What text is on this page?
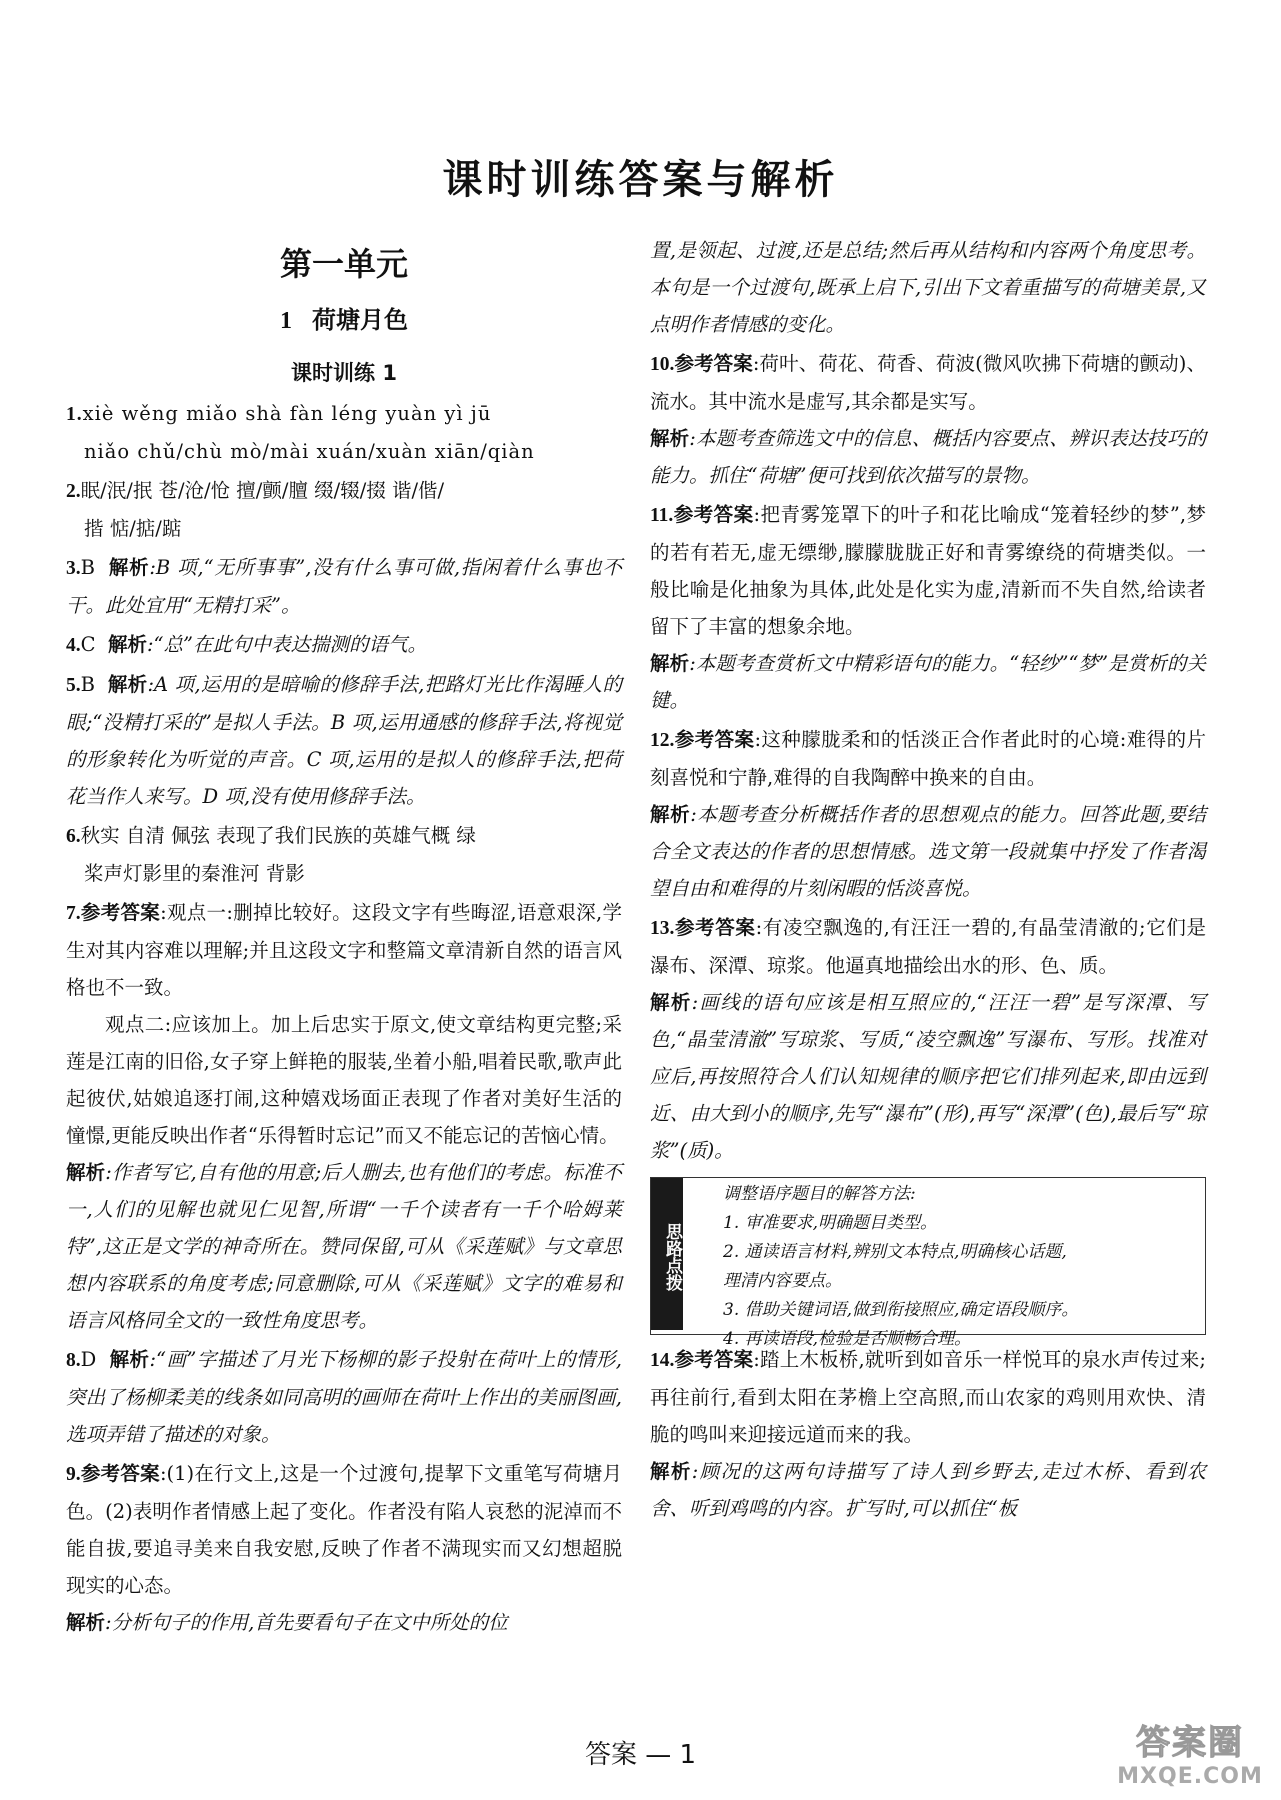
课时训练答案与解析
第一单元
1 荷塘月色
课时训练 1

1.xiè wěng miǎo shà fàn léng yuàn yì jū

niǎo chǔ/chù mò/mài xuán/xuàn xiān/qiàn

2.眠/泯/抿 苍/沧/怆 擅/颤/膻 缀/辍/掇 谐/偕/

揩 惦/掂/踮

3.B 解析:B 项,“无所事事”,没有什么事可做,指闲着什么事也不干。此处宜用“无精打采”。
4.C 解析:“总”在此句中表达揣测的语气。
5.B 解析:A 项,运用的是暗喻的修辞手法,把路灯光比作渴睡人的眼;“没精打采的”是拟人手法。B 项,运用通感的修辞手法,将视觉的形象转化为听觉的声音。C 项,运用的是拟人的修辞手法,把荷花当作人来写。D 项,没有使用修辞手法。

6.秋实 自清 佩弦 表现了我们民族的英雄气概 绿

桨声灯影里的秦淮河 背影

7.参考答案:观点一:删掉比较好。这段文字有些晦涩,语意艰深,学生对其内容难以理解;并且这段文字和整篇文章清新自然的语言风格也不一致。

观点二:应该加上。加上后忠实于原文,使文章结构更完整;采莲是江南的旧俗,女子穿上鲜艳的服装,坐着小船,唱着民歌,歌声此起彼伏,姑娘追逐打闹,这种嬉戏场面正表现了作者对美好生活的憧憬,更能反映出作者“乐得暂时忘记”而又不能忘记的苦恼心情。

解析:作者写它,自有他的用意;后人删去,也有他们的考虑。标准不一,人们的见解也就见仁见智,所谓“一千个读者有一千个哈姆莱特”,这正是文学的神奇所在。赞同保留,可从《采莲赋》与文章思想内容联系的角度考虑;同意删除,可从《采莲赋》文字的难易和语言风格同全文的一致性角度思考。

8.D 解析:“画”字描述了月光下杨柳的影子投射在荷叶上的情形,突出了杨柳柔美的线条如同高明的画师在荷叶上作出的美丽图画,选项弄错了描述的对象。

9.参考答案:(1)在行文上,这是一个过渡句,提挈下文重笔写荷塘月色。(2)表明作者情感上起了变化。作者没有陷人哀愁的泥淖而不能自拔,要追寻美来自我安慰,反映了作者不满现实而又幻想超脱现实的心态。

解析:分析句子的作用,首先要看句子在文中所处的位

置,是领起、过渡,还是总结;然后再从结构和内容两个角度思考。本句是一个过渡句,既承上启下,引出下文着重描写的荷塘美景,又点明作者情感的变化。

10.参考答案:荷叶、荷花、荷香、荷波(微风吹拂下荷塘的颤动)、流水。其中流水是虚写,其余都是实写。

解析:本题考查筛选文中的信息、概括内容要点、辨识表达技巧的能力。抓住“荷塘”便可找到依次描写的景物。

11.参考答案:把青雾笼罩下的叶子和花比喻成“笼着轻纱的梦”,梦的若有若无,虚无缥缈,朦朦胧胧正好和青雾缭绕的荷塘类似。一般比喻是化抽象为具体,此处是化实为虚,清新而不失自然,给读者留下了丰富的想象余地。

解析:本题考查赏析文中精彩语句的能力。“轻纱”“梦”是赏析的关键。

12.参考答案:这种朦胧柔和的恬淡正合作者此时的心境:难得的片刻喜悦和宁静,难得的自我陶醉中换来的自由。

解析:本题考查分析概括作者的思想观点的能力。回答此题,要结合全文表达的作者的思想情感。选文第一段就集中抒发了作者渴望自由和难得的片刻闲暇的恬淡喜悦。

13.参考答案:有凌空飘逸的,有汪汪一碧的,有晶莹清澈的;它们是瀑布、深潭、琼浆。他逼真地描绘出水的形、色、质。

解析:画线的语句应该是相互照应的,“汪汪一碧”是写深潭、写色,“晶莹清澈”写琼浆、写质,“凌空飘逸”写瀑布、写形。找准对应后,再按照符合人们认知规律的顺序把它们排列起来,即由远到近、由大到小的顺序,先写“瀑布”(形),再写“深潭”(色),最后写“琼浆”(质)。

思路点拨

调整语序题目的解答方法:

1. 审准要求,明确题目类型。

2. 通读语言材料,辨别文本特点,明确核心话题,

理清内容要点。

3. 借助关键词语,做到衔接照应,确定语段顺序。

4. 再读语段,检验是否顺畅合理。

14.参考答案:踏上木板桥,就听到如音乐一样悦耳的泉水声传过来;再往前行,看到太阳在茅檐上空高照,而山农家的鸡则用欢快、清脆的鸣叫来迎接远道而来的我。

解析:顾况的这两句诗描写了诗人到乡野去,走过木桥、看到农舍、听到鸡鸣的内容。扩写时,可以抓住“板

答案 — 1	答案圈
MXQE.COM
